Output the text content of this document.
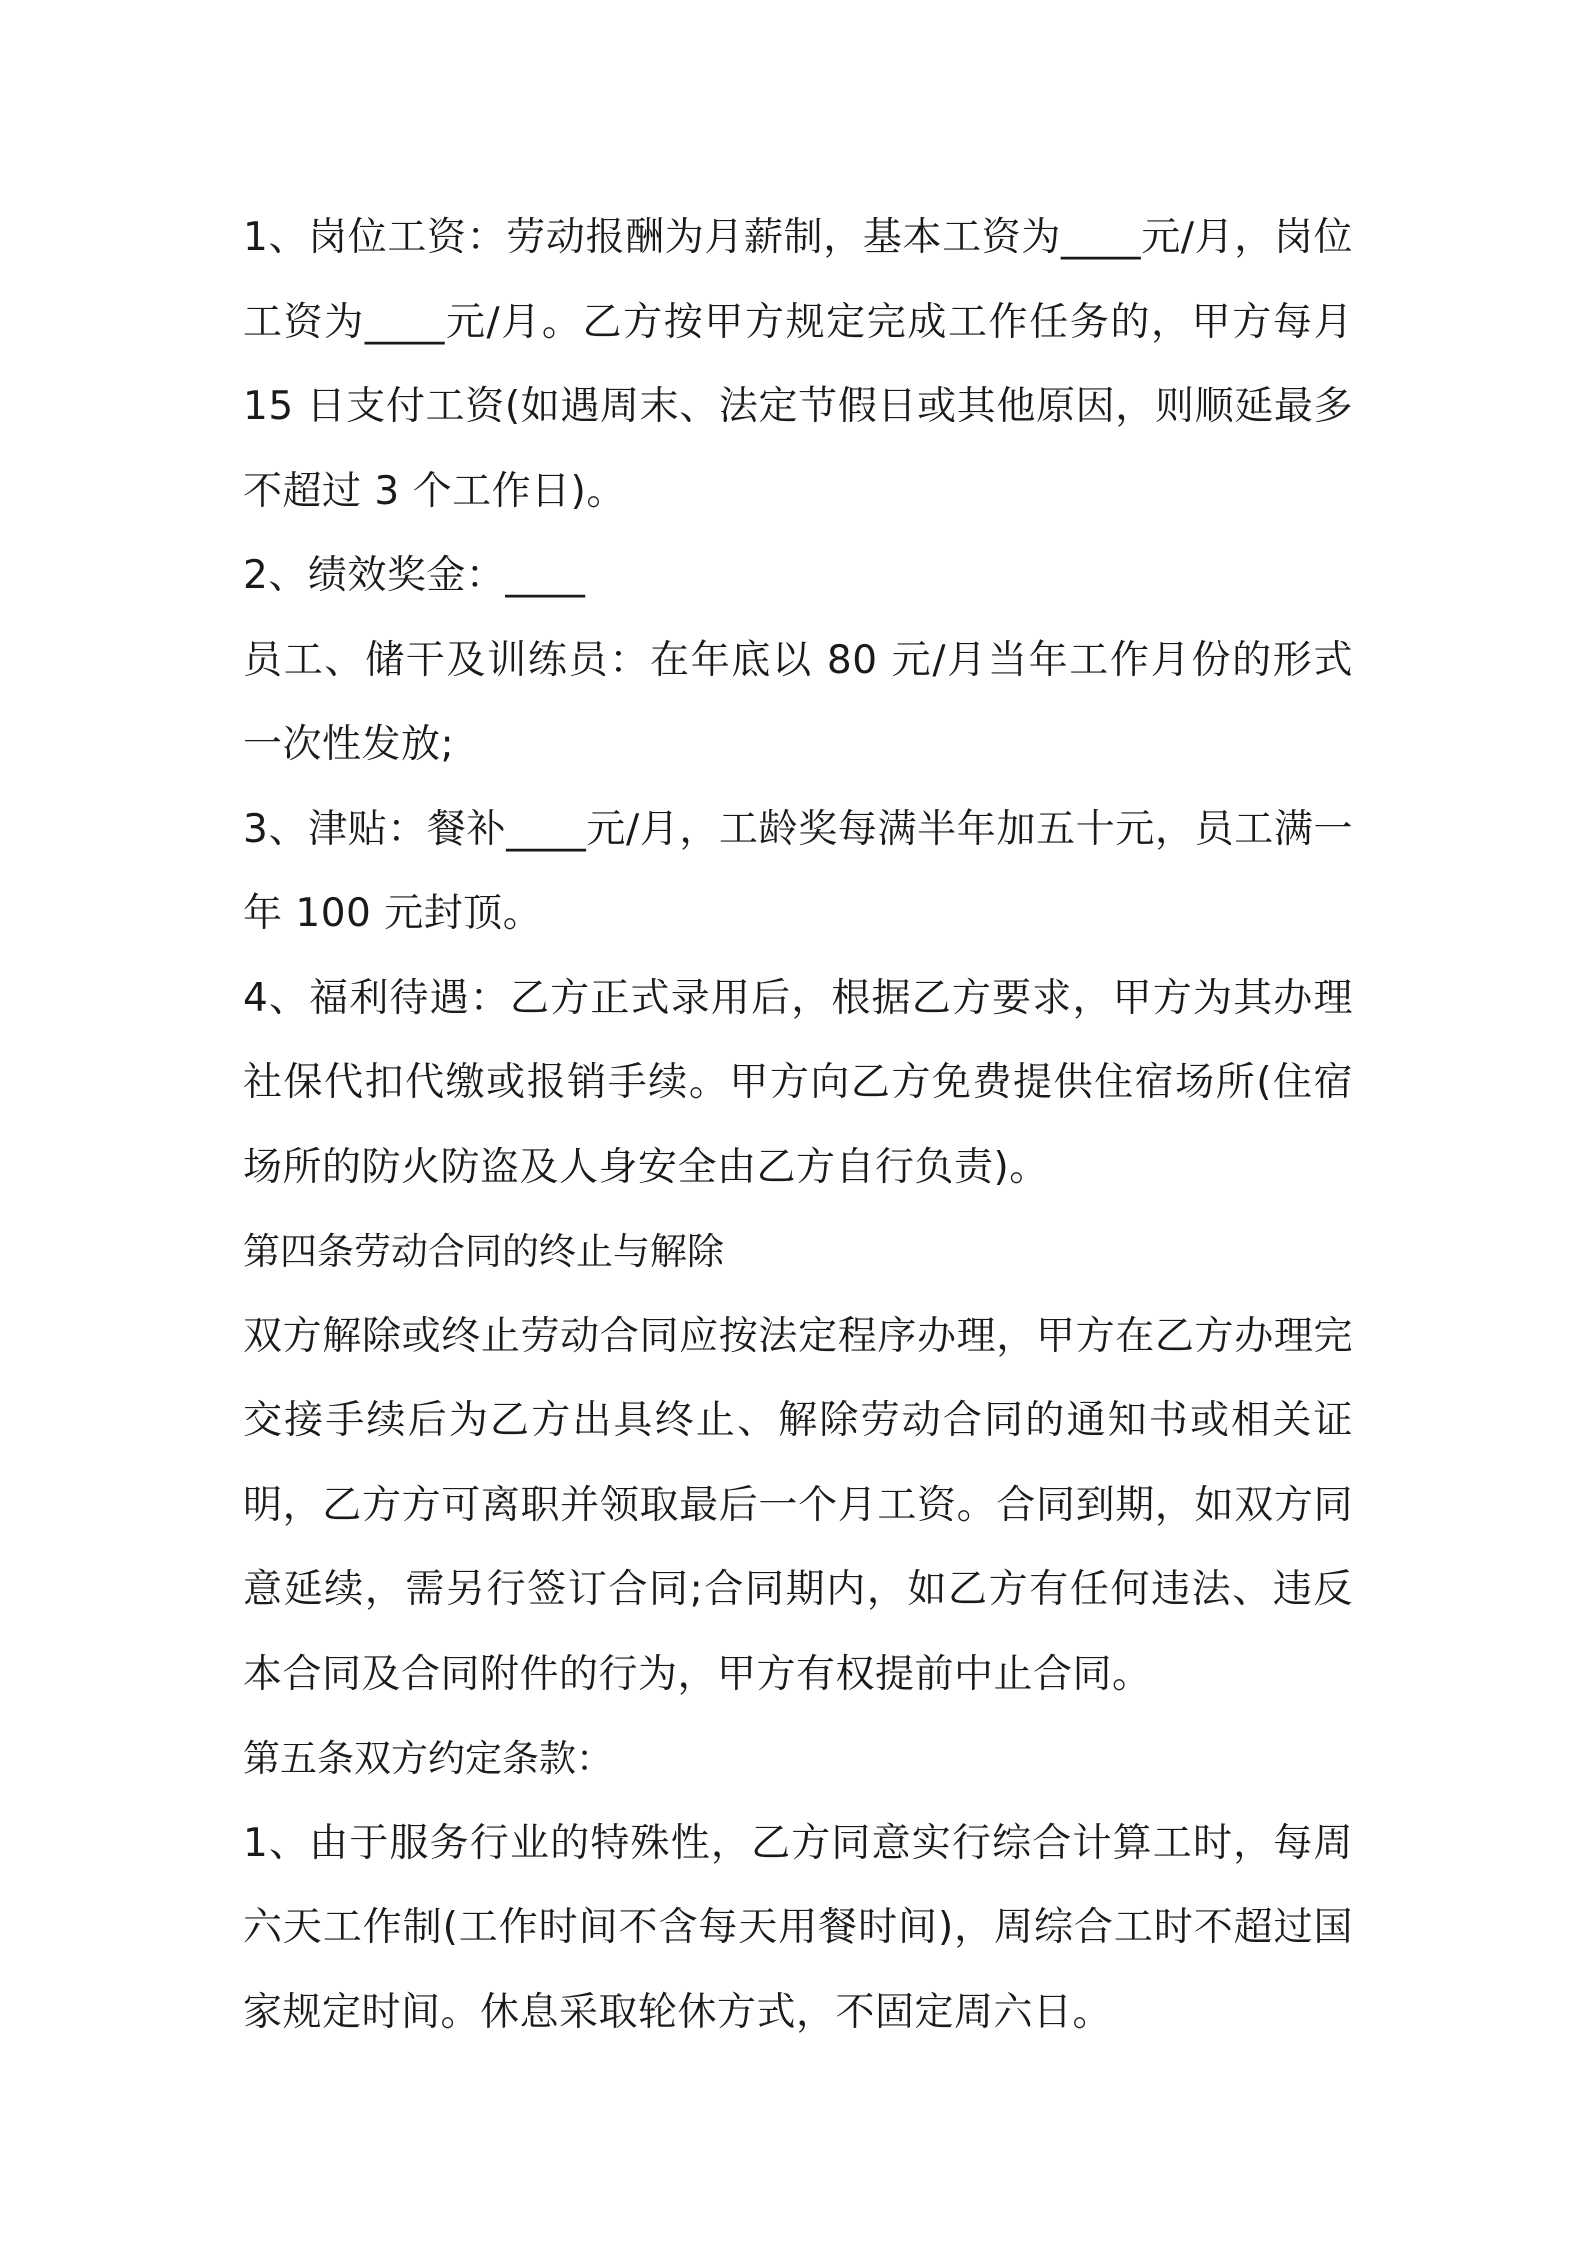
1、岗位工资：劳动报酬为月薪制，基本工资为____元/月，岗位工资为____元/月。乙方按甲方规定完成工作任务的，甲方每月 15 日支付工资(如遇周末、法定节假日或其他原因，则顺延最多不超过 3 个工作日)。

2、绩效奖金：____

员工、储干及训练员：在年底以 80 元/月当年工作月份的形式一次性发放;

3、津贴：餐补____元/月，工龄奖每满半年加五十元，员工满一年 100 元封顶。

4、福利待遇：乙方正式录用后，根据乙方要求，甲方为其办理社保代扣代缴或报销手续。甲方向乙方免费提供住宿场所(住宿场所的防火防盗及人身安全由乙方自行负责)。

第四条劳动合同的终止与解除

双方解除或终止劳动合同应按法定程序办理，甲方在乙方办理完交接手续后为乙方出具终止、解除劳动合同的通知书或相关证明，乙方方可离职并领取最后一个月工资。合同到期，如双方同意延续，需另行签订合同;合同期内，如乙方有任何违法、违反本合同及合同附件的行为，甲方有权提前中止合同。

第五条双方约定条款：

1、由于服务行业的特殊性，乙方同意实行综合计算工时，每周六天工作制(工作时间不含每天用餐时间)，周综合工时不超过国家规定时间。休息采取轮休方式，不固定周六日。
